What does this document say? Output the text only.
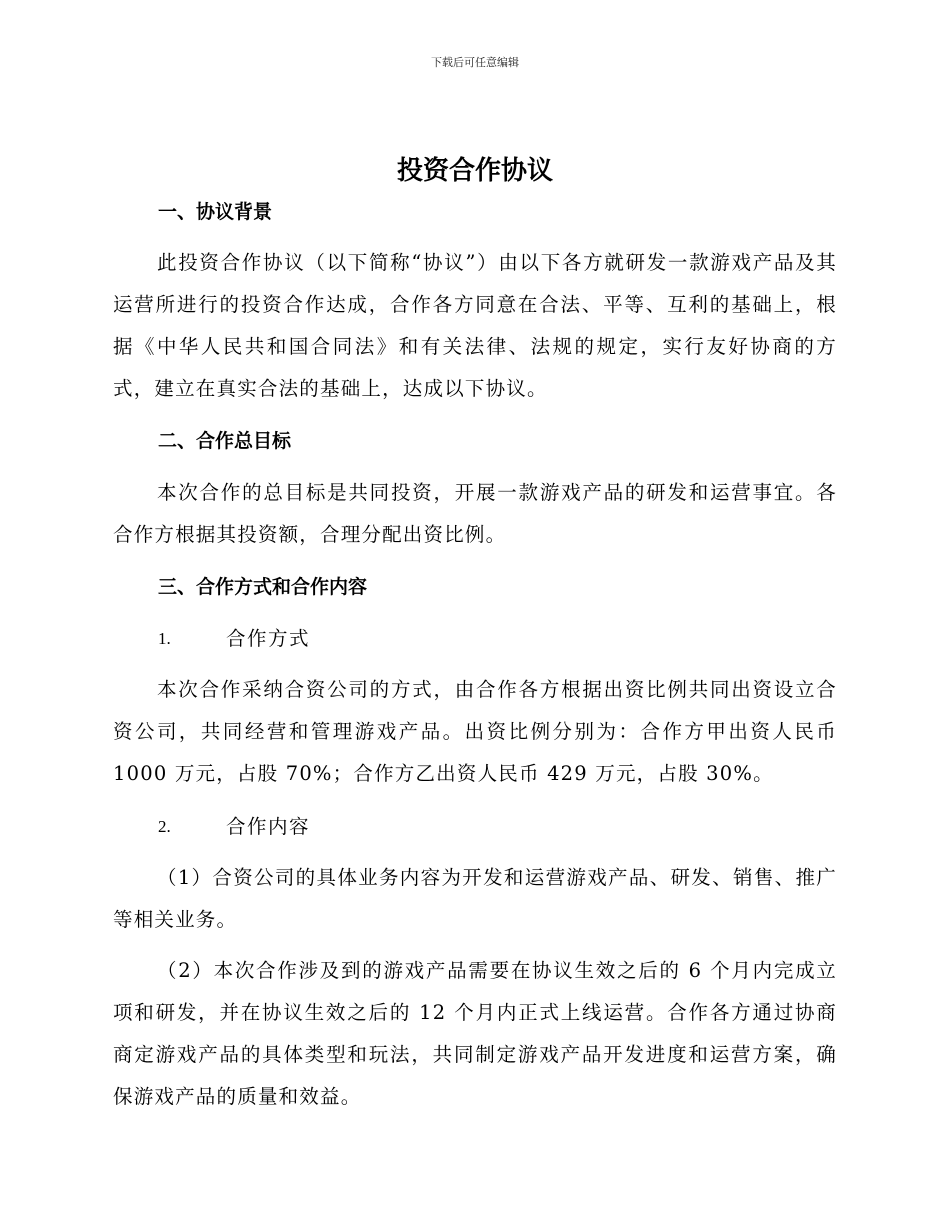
下载后可任意编辑
投资合作协议
一、协议背景

此投资合作协议（以下简称“协议”）由以下各方就研发一款游戏产品及其运营所进行的投资合作达成，合作各方同意在合法、平等、互利的基础上，根据《中华人民共和国合同法》和有关法律、法规的规定，实行友好协商的方式，建立在真实合法的基础上，达成以下协议。

二、合作总目标

本次合作的总目标是共同投资，开展一款游戏产品的研发和运营事宜。各合作方根据其投资额，合理分配出资比例。

三、合作方式和合作内容
1.	合作方式

本次合作采纳合资公司的方式，由合作各方根据出资比例共同出资设立合资公司，共同经营和管理游戏产品。出资比例分别为：合作方甲出资人民币 1000 万元，占股 70%；合作方乙出资人民币 429 万元，占股 30%。

2.	合作内容

（1）合资公司的具体业务内容为开发和运营游戏产品、研发、销售、推广等相关业务。

（2）本次合作涉及到的游戏产品需要在协议生效之后的 6 个月内完成立项和研发，并在协议生效之后的 12 个月内正式上线运营。合作各方通过协商商定游戏产品的具体类型和玩法，共同制定游戏产品开发进度和运营方案，确保游戏产品的质量和效益。
